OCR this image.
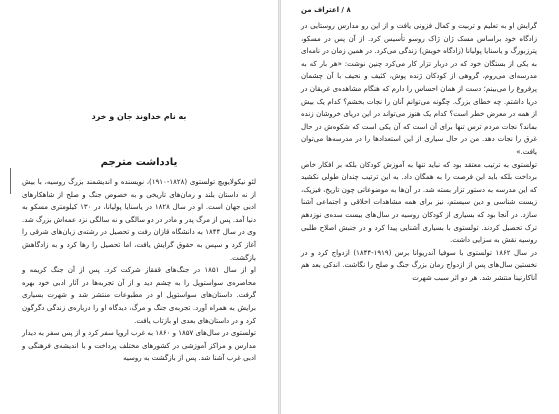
به نام خداوند جان و خرد

یادداشت مترجم

لئو نیکولایویچ تولستوی (۱۸۲۸-۱۹۱۰)، نویسنده و اندیشمند بزرگ روسیه، با بیش از نه داستان بلند و رمان‌های تاریخی و به خصوص جنگ و صلح از شاهکارهای ادبی جهان است. او در سال ۱۸۲۸ در یاسنایا پولیانا، در ۱۳۰ کیلومتری مسکو به دنیا آمد. پس از مرگ پدر و مادر در دو سالگی و نه سالگی نزد عمه‌اش بزرگ شد. وی در سال ۱۸۴۴ به دانشگاه قازان رفت و تحصیل در رشته‌ی زبان‌های شرقی را آغاز کرد و سپس به حقوق گرایش یافت، اما تحصیل را رها کرد و به زادگاهش بازگشت.

او از سال ۱۸۵۱ در جنگ‌های قفقاز شرکت کرد. پس از آن جنگ کریمه و محاصره‌ی سواستوپل را به چشم دید و از آن تجربه‌ها در آثار ادبی خود بهره گرفت. داستان‌های سواستوپل او در مطبوعات منتشر شد و شهرت بسیاری برایش به همراه آورد. تجربه‌ی جنگ و مرگ، دیدگاه او را درباره‌ی زندگی دگرگون کرد و در داستان‌های بعدی او بازتاب یافت.

تولستوی در سال‌های ۱۸۵۷ و ۱۸۶۰ به غرب اروپا سفر کرد و از پس سفر به دیدار مدارس و مراکز آموزشی در کشورهای مختلف پرداخت و با اندیشه‌ی فرهنگی و ادبی غرب آشنا شد. پس از بازگشت به روسیه

۸ / اعتراف من

گرایش او به تعلیم و تربیت و کمال فزونی یافت و از این رو مدارس روستایی در زادگاه خود براساس مسک ژان ژاک روسو تأسیس کرد. از آن پس در مسکو، پترزبورگ و یاسنایا پولیانا (زادگاه خویش) زندگی می‌کرد. در همین زمان در نامه‌ای به یکی از بستگان خود که در دربار تزار کار می‌کرد چنین نوشت: «هر بار که به مدرسه‌ای می‌روم، گروهی از کودکان ژنده پوش، کثیف و نحیف با آن چشمان پرفروغ را می‌بینم؛ دست از همان احساس را دارم که هنگام مشاهده‌ی غریقان در دریا داشتم. چه خطای بزرگ. چگونه می‌توانم آنان را نجات بخشم؟ کدام یک بیش از همه در معرض خطر است؟ کدام یک هنوز می‌تواند در این دریای خروشان زنده بماند؟ نجات مردم ترس تنها برای آن است که آن یکی است که شکوه‌ش در حال غرق را نجات دهد. من در حال سیاری از این استعدادها را در مدرسه‌ها می‌توان یافت.»

تولستوی به ترتیب معتقد بود که نباید تنها به آموزش کودکان بلکه بر افکار خاص برداخت بلکه باید این فرصت را به همگان داد. به این ترتیب چندان طولی نکشید که این مدرسه به دستور تزار بسته شد. در آن‌ها به موضوعاتی چون تاریخ، فیزیک، زیست شناسی و دین سیستم، نیز برای همه مشاهدات اخلاقی و اجتماعی آشنا سازد. در آنجا بود که بسیاری از کودکان روسیه در سال‌های بیست سده‌ی نوزدهم ترک تحصیل کردند. تولستوی با بسیاری آشنایی پیدا کرد و در جنبش اصلاح طلبی روسیه نقش به سزایی داشت.

در سال ۱۸۶۲ تولستوی با سوفیا آندریوانا برس (۱۹۱۹-۱۸۴۴) ازدواج کرد و در نخستین سال‌های پس از ازدواج رمان بزرگ جنگ و صلح را نگاشت. اندکی بعد هم آناکارنینا منتشر شد. هر دو اثر سبب شهرت
